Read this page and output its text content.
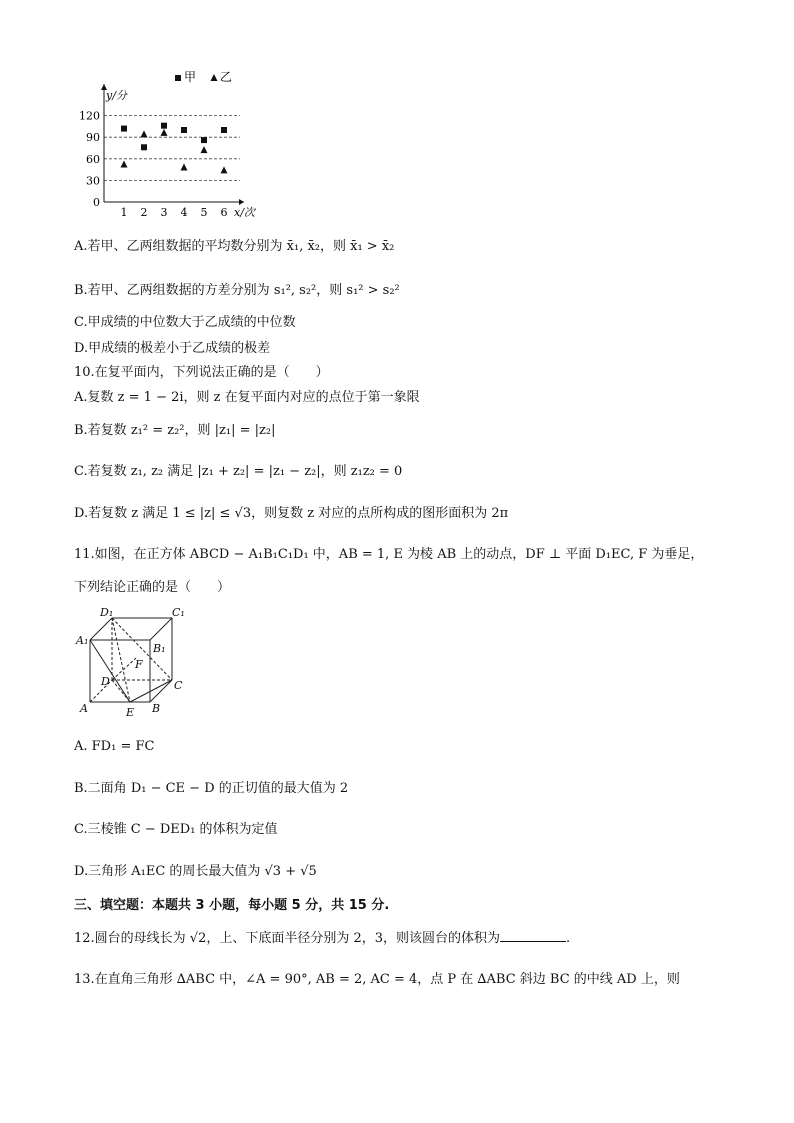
y/分
x/次
0
30
60
90
120
1 2 3 4 5 6
甲 乙
A.若甲、乙两组数据的平均数分别为 x̄₁, x̄₂，则 x̄₁ > x̄₂
B.若甲、乙两组数据的方差分别为 s₁², s₂²，则 s₁² > s₂²
C.甲成绩的中位数大于乙成绩的中位数
D.甲成绩的极差小于乙成绩的极差
10.在复平面内，下列说法正确的是（　　）
A.复数 z = 1 − 2i，则 z 在复平面内对应的点位于第一象限
B.若复数 z₁² = z₂²，则 |z₁| = |z₂|
C.若复数 z₁, z₂ 满足 |z₁ + z₂| = |z₁ − z₂|，则 z₁z₂ = 0
D.若复数 z 满足 1 ≤ |z| ≤ √3，则复数 z 对应的点所构成的图形面积为 2π
11.如图，在正方体 ABCD − A₁B₁C₁D₁ 中，AB = 1, E 为棱 AB 上的动点，DF ⊥ 平面 D₁EC, F 为垂足，
下列结论正确的是（　　）
D₁	C₁
A₁
B₁
F
D	C
A	E B
A. FD₁ = FC
B.二面角 D₁ − CE − D 的正切值的最大值为 2
C.三棱锥 C − DED₁ 的体积为定值
D.三角形 A₁EC 的周长最大值为 √3 + √5
三、填空题：本题共 3 小题，每小题 5 分，共 15 分.
12.圆台的母线长为 √2，上、下底面半径分别为 2，3，则该圆台的体积为	.
13.在直角三角形 ∆ABC 中，∠A = 90°, AB = 2, AC = 4，点 P 在 ∆ABC 斜边 BC 的中线 AD 上，则
